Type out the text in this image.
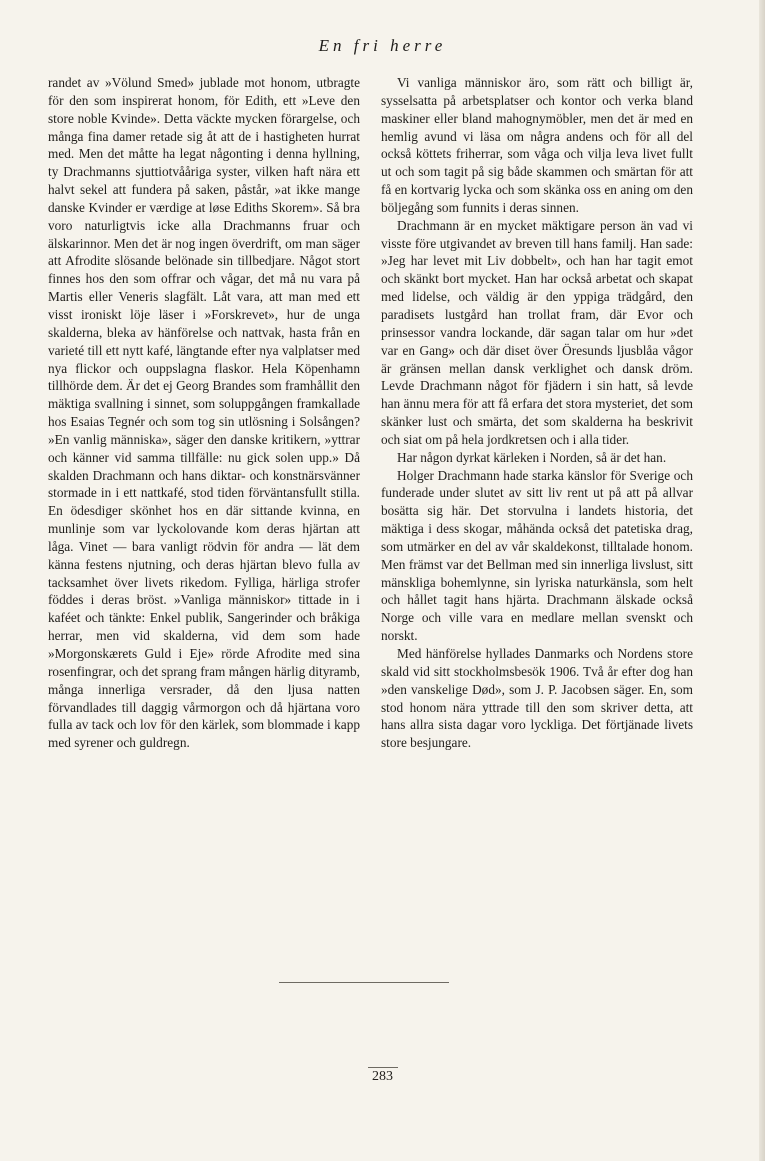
En fri herre

randet av »Völund Smed» jublade mot honom, utbragte för den som inspirerat honom, för Edith, ett »Leve den store noble Kvinde». Detta väckte mycken förargelse, och många fina damer retade sig åt att de i hastigheten hurrat med. Men det måtte ha legat någonting i denna hyllning, ty Drachmanns sjuttiotvååriga syster, vilken haft nära ett halvt sekel att fundera på saken, påstår, »at ikke mange danske Kvinder er værdige at løse Ediths Skorem». Så bra voro naturligtvis icke alla Drachmanns fruar och älskarinnor. Men det är nog ingen överdrift, om man säger att Afrodite slösande belönade sin tillbedjare. Något stort finnes hos den som offrar och vågar, det må nu vara på Martis eller Veneris slagfält. Låt vara, att man med ett visst ironiskt löje läser i »Forskrevet», hur de unga skalderna, bleka av hänförelse och nattvak, hasta från en varieté till ett nytt kafé, längtande efter nya valplatser med nya flickor och ouppslagna flaskor. Hela Köpenhamn tillhörde dem. Är det ej Georg Brandes som framhållit den mäktiga svallning i sinnet, som soluppgången framkallade hos Esaias Tegnér och som tog sin utlösning i Solsången? »En vanlig människa», säger den danske kritikern, »yttrar och känner vid samma tillfälle: nu gick solen upp.» Då skalden Drachmann och hans diktar- och konstnärsvänner stormade in i ett nattkafé, stod tiden förväntansfullt stilla. En ödesdiger skönhet hos en där sittande kvinna, en munlinje som var lyckolovande kom deras hjärtan att låga. Vinet — bara vanligt rödvin för andra — lät dem känna festens njutning, och deras hjärtan blevo fulla av tacksamhet över livets rikedom. Fylliga, härliga strofer föddes i deras bröst. »Vanliga människor» tittade in i kaféet och tänkte: Enkel publik, Sangerinder och bråkiga herrar, men vid skalderna, vid dem som hade »Morgonskærets Guld i Eje» rörde Afrodite med sina rosenfingrar, och det sprang fram mången härlig dityramb, många innerliga versrader, då den ljusa natten förvandlades till daggig vårmorgon och då hjärtana voro fulla av tack och lov för den kärlek, som blommade i kapp med syrener och guldregn.

Vi vanliga människor äro, som rätt och billigt är, sysselsatta på arbetsplatser och kontor och verka bland maskiner eller bland mahognymöbler, men det är med en hemlig avund vi läsa om några andens och för all del också köttets friherrar, som våga och vilja leva livet fullt ut och som tagit på sig både skammen och smärtan för att få en kortvarig lycka och som skänka oss en aning om den böljegång som funnits i deras sinnen.

Drachmann är en mycket mäktigare person än vad vi visste före utgivandet av breven till hans familj. Han sade: »Jeg har levet mit Liv dobbelt», och han har tagit emot och skänkt bort mycket. Han har också arbetat och skapat med lidelse, och väldig är den yppiga trädgård, den paradisets lustgård han trollat fram, där Evor och prinsessor vandra lockande, där sagan talar om hur »det var en Gang» och där diset över Öresunds ljusblåa vågor är gränsen mellan dansk verklighet och dansk dröm. Levde Drachmann något för fjädern i sin hatt, så levde han ännu mera för att få erfara det stora mysteriet, det som skänker lust och smärta, det som skalderna ha beskrivit och siat om på hela jordkretsen och i alla tider.

Har någon dyrkat kärleken i Norden, så är det han.

Holger Drachmann hade starka känslor för Sverige och funderade under slutet av sitt liv rent ut på att på allvar bosätta sig här. Det storvulna i landets historia, det mäktiga i dess skogar, måhända också det patetiska drag, som utmärker en del av vår skaldekonst, tilltalade honom. Men främst var det Bellman med sin innerliga livslust, sitt mänskliga bohemlynne, sin lyriska naturkänsla, som helt och hållet tagit hans hjärta. Drachmann älskade också Norge och ville vara en medlare mellan svenskt och norskt.

Med hänförelse hyllades Danmarks och Nordens store skald vid sitt stockholmsbesök 1906. Två år efter dog han »den vanskelige Død», som J. P. Jacobsen säger. En, som stod honom nära yttrade till den som skriver detta, att hans allra sista dagar voro lyckliga. Det förtjänade livets store besjungare.

283
